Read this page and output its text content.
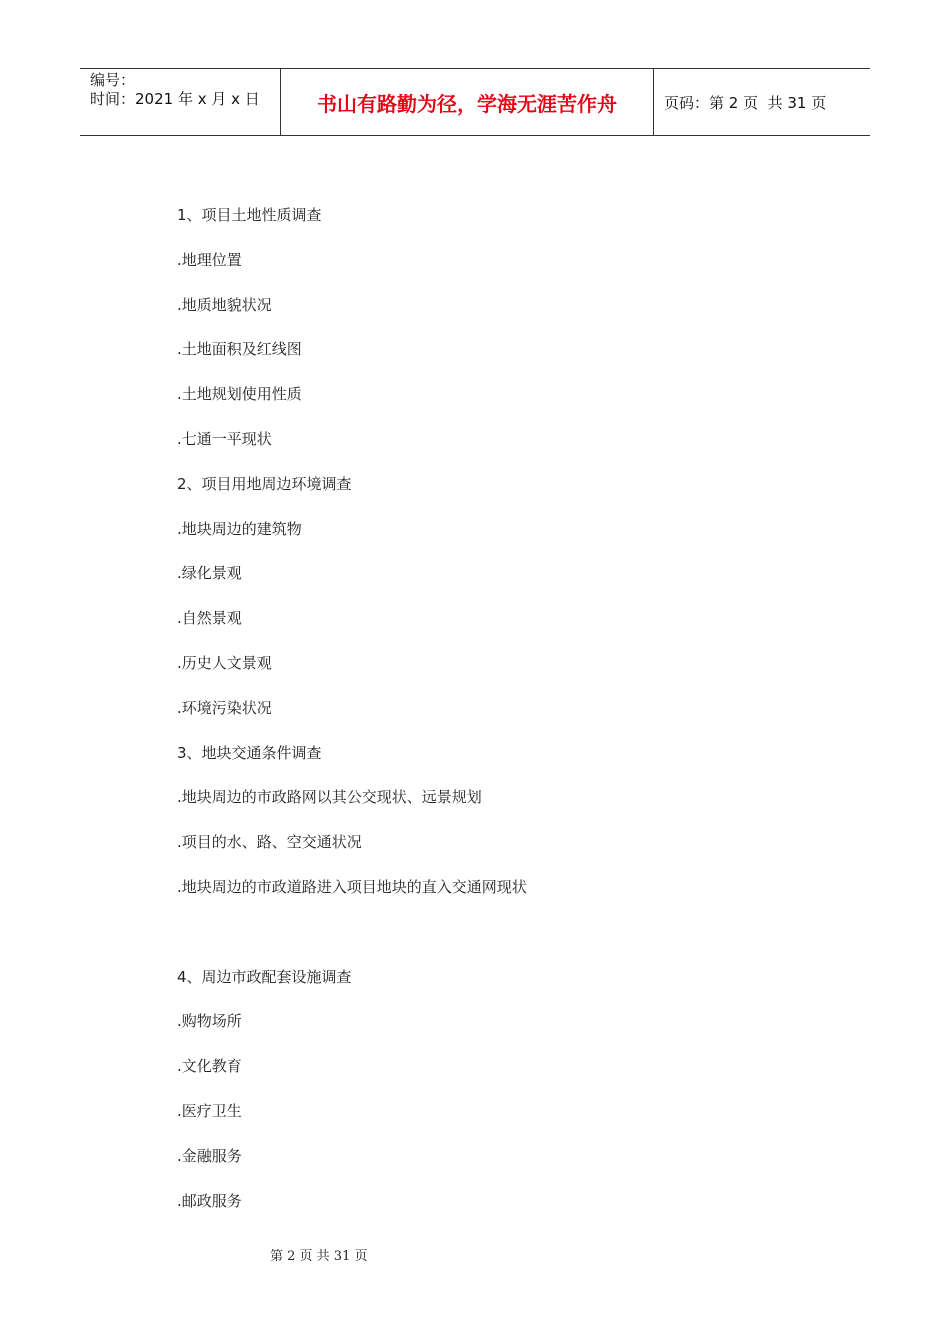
编号：
时间：2021 年 x 月 x 日	书山有路勤为径，学海无涯苦作舟	页码：第 2 页  共 31 页
1、项目土地性质调查
.地理位置
.地质地貌状况
.土地面积及红线图
.土地规划使用性质
.七通一平现状
2、项目用地周边环境调查
.地块周边的建筑物
.绿化景观
.自然景观
.历史人文景观
.环境污染状况
3、地块交通条件调查
.地块周边的市政路网以其公交现状、远景规划
.项目的水、路、空交通状况
.地块周边的市政道路进入项目地块的直入交通网现状
4、周边市政配套设施调查
.购物场所
.文化教育
.医疗卫生
.金融服务
.邮政服务
第 2 页 共 31 页
